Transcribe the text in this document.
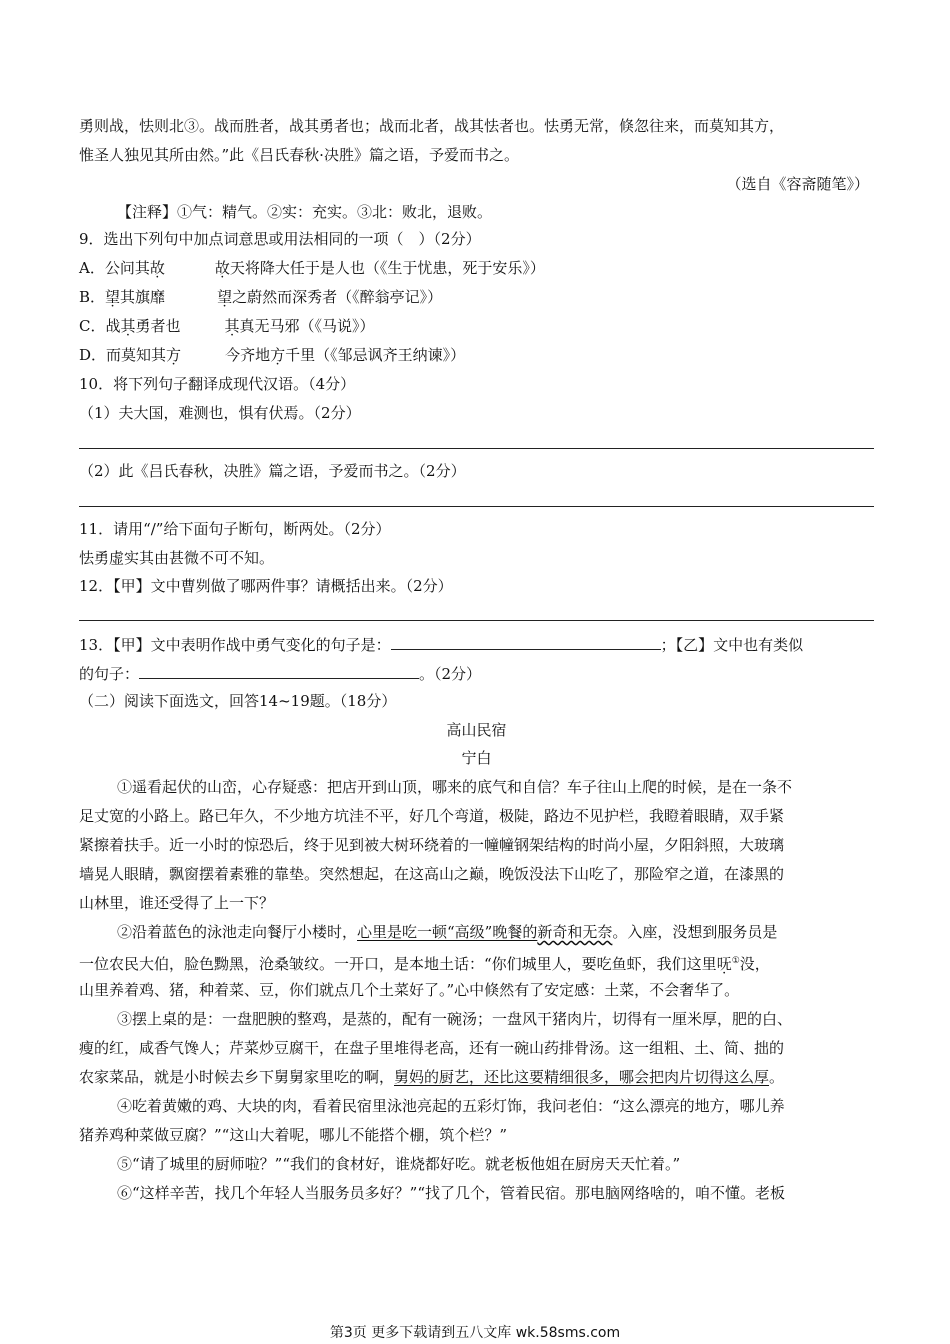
勇则战，怯则北③。战而胜者，战其勇者也；战而北者，战其怯者也。怯勇无常，倏忽往来，而莫知其方，
惟圣人独见其所由然。”此《吕氏春秋·决胜》篇之语，予爱而书之。
（选自《容斋随笔》）
【注释】①气：精气。②实：充实。③北：败北，退败。
9．选出下列句中加点词意思或用法相同的一项（　）（2分）
A．公问其故	故天将降大任于是人也（《生于忧患，死于安乐》）
B．望其旗靡	望之蔚然而深秀者（《醉翁亭记》）
C．战其勇者也	其真无马邪（《马说》）
D．而莫知其方	今齐地方千里（《邹忌讽齐王纳谏》）
10．将下列句子翻译成现代汉语。（4分）
（1）夫大国，难测也，惧有伏焉。（2分）
（2）此《吕氏春秋，决胜》篇之语，予爱而书之。（2分）
11．请用“/”给下面句子断句，断两处。（2分）
怯勇虚实其由甚微不可不知。
12．【甲】文中曹刿做了哪两件事？请概括出来。（2分）
13．【甲】文中表明作战中勇气变化的句子是：	；【乙】文中也有类似
的句子：	。（2分）
（二）阅读下面选文，回答14~19题。（18分）
高山民宿
宁白
①遥看起伏的山峦，心存疑惑：把店开到山顶，哪来的底气和自信？车子往山上爬的时候，是在一条不
足丈宽的小路上。路已年久，不少地方坑洼不平，好几个弯道，极陡，路边不见护栏，我瞪着眼睛，双手紧
紧擦着扶手。近一小时的惊恐后，终于见到被大树环绕着的一幢幢钢架结构的时尚小屋，夕阳斜照，大玻璃
墙晃人眼睛，飘窗摆着素雅的靠垫。突然想起，在这高山之巅，晚饭没法下山吃了，那险窄之道，在漆黑的
山林里，谁还受得了上一下？
②沿着蓝色的泳池走向餐厅小楼时，心里是吃一顿“高级”晚餐的新奇和无奈。入座，没想到服务员是
一位农民大伯，脸色黝黑，沧桑皱纹。一开口，是本地土话：“你们城里人，要吃鱼虾，我们这里呒①没，
山里养着鸡、猪，种着菜、豆，你们就点几个土菜好了。”心中倏然有了安定感：土菜，不会奢华了。
③摆上桌的是：一盘肥腴的整鸡，是蒸的，配有一碗汤；一盘风干猪肉片，切得有一厘米厚，肥的白、
瘦的红，咸香气馋人；芹菜炒豆腐干，在盘子里堆得老高，还有一碗山药排骨汤。这一组粗、土、简、拙的
农家菜品，就是小时候去乡下舅舅家里吃的啊，舅妈的厨艺，还比这要精细很多，哪会把肉片切得这么厚。
④吃着黄嫩的鸡、大块的肉，看着民宿里泳池亮起的五彩灯饰，我问老伯：“这么漂亮的地方，哪儿养
猪养鸡种菜做豆腐？”“这山大着呢，哪儿不能搭个棚，筑个栏？”
⑤“请了城里的厨师啦？”“我们的食材好，谁烧都好吃。就老板他姐在厨房天天忙着。”
⑥“这样辛苦，找几个年轻人当服务员多好？”“找了几个，管着民宿。那电脑网络啥的，咱不懂。老板
第3页 更多下载请到五八文库 wk.58sms.com
